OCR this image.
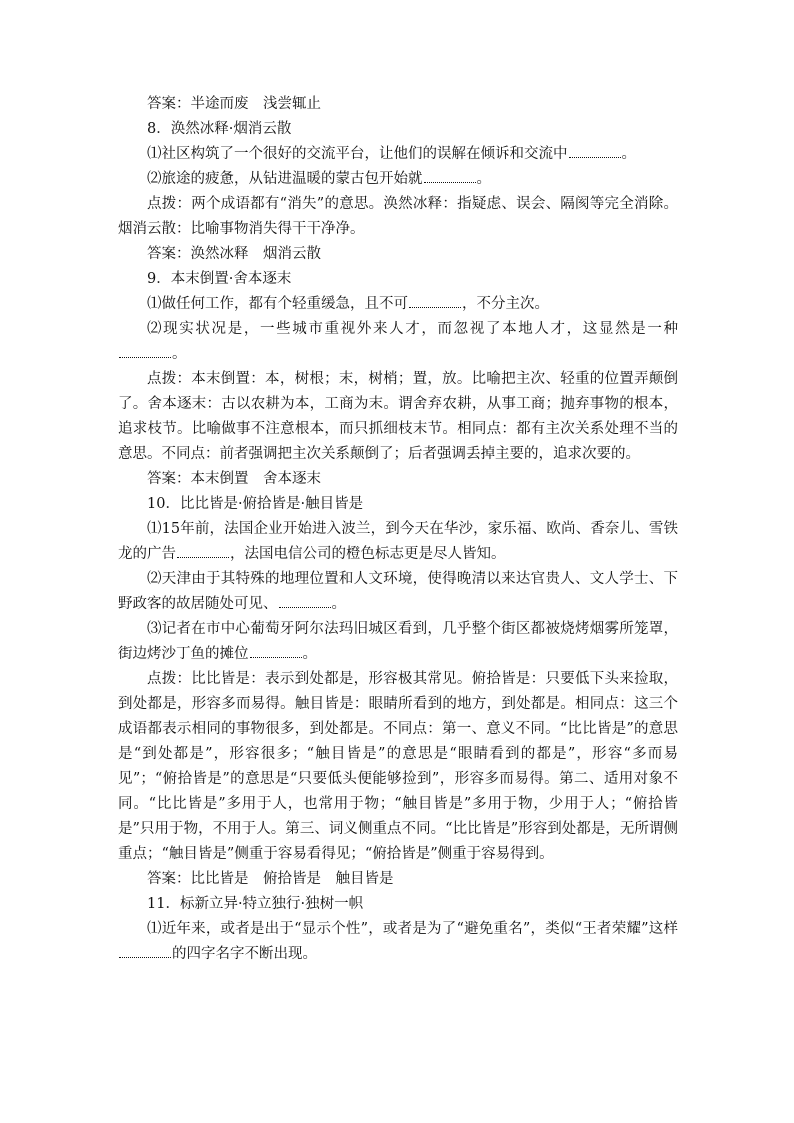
答案：半途而废　浅尝辄止

8．涣然冰释·烟消云散

⑴社区构筑了一个很好的交流平台，让他们的误解在倾诉和交流中	。

⑵旅途的疲惫，从钻进温暖的蒙古包开始就	。

点拨：两个成语都有“消失”的意思。涣然冰释：指疑虑、误会、隔阂等完全消除。烟消云散：比喻事物消失得干干净净。

答案：涣然冰释　烟消云散

9．本末倒置·舍本逐末

⑴做任何工作，都有个轻重缓急，且不可	，不分主次。

⑵现实状况是，一些城市重视外来人才，而忽视了本地人才，这显然是一种。

点拨：本末倒置：本，树根；末，树梢；置，放。比喻把主次、轻重的位置弄颠倒了。舍本逐末：古以农耕为本，工商为末。谓舍弃农耕，从事工商；抛弃事物的根本，追求枝节。比喻做事不注意根本，而只抓细枝末节。相同点：都有主次关系处理不当的意思。不同点：前者强调把主次关系颠倒了；后者强调丢掉主要的，追求次要的。

答案：本末倒置　舍本逐末

10．比比皆是·俯拾皆是·触目皆是

⑴15年前，法国企业开始进入波兰，到今天在华沙，家乐福、欧尚、香奈儿、雪铁龙的广告	，法国电信公司的橙色标志更是尽人皆知。

⑵天津由于其特殊的地理位置和人文环境，使得晚清以来达官贵人、文人学士、下野政客的故居随处可见、	。

⑶记者在市中心葡萄牙阿尔法玛旧城区看到，几乎整个街区都被烧烤烟雾所笼罩，街边烤沙丁鱼的摊位	。

点拨：比比皆是：表示到处都是，形容极其常见。俯拾皆是：只要低下头来捡取，到处都是，形容多而易得。触目皆是：眼睛所看到的地方，到处都是。相同点：这三个成语都表示相同的事物很多，到处都是。不同点：第一、意义不同。“比比皆是”的意思是“到处都是”，形容很多；“触目皆是”的意思是“眼睛看到的都是”，形容“多而易见”；“俯拾皆是”的意思是“只要低头便能够捡到”，形容多而易得。第二、适用对象不同。“比比皆是”多用于人，也常用于物；“触目皆是”多用于物，少用于人；“俯拾皆是”只用于物，不用于人。第三、词义侧重点不同。“比比皆是”形容到处都是，无所谓侧重点；“触目皆是”侧重于容易看得见；“俯拾皆是”侧重于容易得到。

答案：比比皆是　俯拾皆是　触目皆是

11．标新立异·特立独行·独树一帜

⑴近年来，或者是出于“显示个性”，或者是为了“避免重名”，类似“王者荣耀”这样的四字名字不断出现。
